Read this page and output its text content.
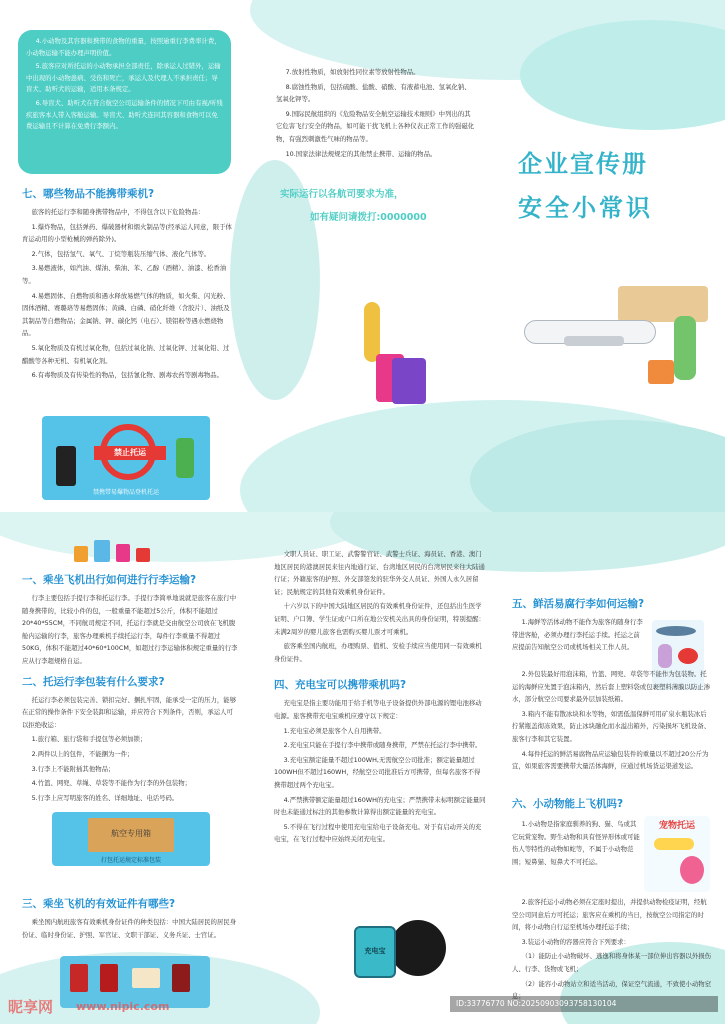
4.小动物及其容器和携带的食物的重量，按照逾重行李费率计费，小动物运输不能办理声明价值。

5.旅客应对所托运的小动物承担全部责任，除承运人过错外，运输中出现的小动物患病、受伤和死亡，承运人及代理人不承担责任；导盲犬、助听犬的运输，适用本条规定。

6.导盲犬、助听犬在符合航空公司运输条件的情况下可由有视/听残疾旅客本人带入客舱运输。导盲犬、助听犬连同其容器和食物可以免费运输且不计算在免费行李额内。

七、哪些物品不能携带乘机?

旅客的托运行李和随身携带物品中，不得包含以下危险物品：

1.爆炸物品，包括弹药、爆破器材和烟火制品等(经承运人同意，限于体育运动用的小型枪械的弹药除外)。

2.气体，包括氢气、氧气、丁烷等瓶装压缩气体、液化气体等。

3.易燃液体，如汽油、煤油、柴油、苯、乙醇（酒精）、油漆、松香油等。

4.易燃固体、自燃物质和遇水释放易燃气体的物质，如火柴、闪光粉、固体酒精、赛璐珞等易燃固体；黄磷、白磷、硝化纤维（含胶片）、油纸及其制品等自燃物品；金属钠、钾、碳化钙（电石）、镁铝粉等遇水燃烧物品。

5.氧化物质及有机过氧化物，包括过氧化钠、过氧化钾、过氧化铅、过醋酸等各种无机、有机氧化剂。

6.有毒物质及有传染性的物品，包括氰化物、剧毒农药等剧毒物品。

禁止托运
禁携带易爆物品登机托运

7.放射性物质，如放射性同位素等放射性物品。

8.腐蚀性物质，包括硫酸、盐酸、硝酸、有液蓄电池、氢氧化钠、氢氧化钾等。

9.国际民航组织的《危险物品安全航空运输技术细则》中列出的其它危害飞行安全的物品，如可能干扰飞机上各种仪表正常工作的强磁化物，有强烈刺激性气味的物品等。

10.国家法律法规规定的其他禁止携带、运输的物品。

实际运行以各航司要求为准，
如有疑问请拨打:0000000
企业宣传册
安全小常识
一、乘坐飞机出行如何进行行李运输?

行李主要包括手提行李和托运行李。手提行李简单地说就是旅客在旅行中随身携带的，比较小件的包，一般重量不能超过5公斤，体积不能超过20*40*55CM，不同航司规定不同，托运行李就是交由航空公司放在飞机腹舱内运输的行李，旅客办理乘机手续托运行李，每件行李重量不得超过50KG，体积不能超过40*60*100CM，如超过行李运输体积规定重量的行李应从行李超规格自运。

二、托运行李包装有什么要求?

托运行李必须包装完善、锁扣完好、捆扎牢固，能承受一定的压力，能够在正常的操作条件下安全装卸和运输，并应符合下列条件，否则，承运人可以拒绝收运：

1.旅行箱、旅行袋和手提包等必须加锁；

2.两件以上的包件，不能捆为一件；

3.行李上不能附插其他物品；

4.竹篮、网兜、草绳、草袋等不能作为行李的外包装物；

5.行李上应写明旅客的姓名、详细地址、电话号码。

航空专用箱
打包托运规定标准包装
三、乘坐飞机的有效证件有哪些?

乘坐国内航班旅客有效乘机身份证件的种类包括：中国大陆居民的居民身份证、临时身份证、护照、军官证、文职干部证、义务兵证、士官证。

文职人员证、职工证、武警警官证、武警士兵证、海员证、香港、澳门地区居民的港澳居民来往内地通行证、台湾地区居民的台湾居民来往大陆通行证；外籍旅客的护照、外交部签发的驻华外交人员证、外国人永久居留证；民航规定的其他有效乘机身份证件。

十六岁以下的中国大陆地区居民的有效乘机身份证件，还包括出生医学证明、户口簿、学生证或户口所在地公安机关出具的身份证明，特别提醒：未满2周岁的婴儿旅客也需购买婴儿票才可乘机。

旅客乘坐国内航班，办理购票、值机、安检手续应当使用同一有效乘机身份证件。

四、充电宝可以携带乘机吗?

充电宝是指主要功能用于给手机等电子设备提供外部电源的锂电池移动电源。旅客携带充电宝乘机应遵守以下规定：

1.充电宝必须是旅客个人自用携带。

2.充电宝只能在手提行李中携带或随身携带，严禁在托运行李中携带。

3.充电宝额定能量不超过100WH,无需航空公司批准；额定能量超过100WH但不超过160WH，经航空公司批准后方可携带，但每名旅客不得携带超过两个充电宝。

4.严禁携带额定能量超过160WH的充电宝；严禁携带未标明额定能量同时也未能通过标注的其他参数计算得出额定能量的充电宝。

5.不得在飞行过程中使用充电宝给电子设备充电。对于有启动开关的充电宝，在飞行过程中应始终关闭充电宝。

充电宝
五、鲜活易腐行李如何运输?

1.海鲜等活体动物不能作为旅客的随身行李带进客舱，必须办理行李托运手续。托运之前应提前告知航空公司或机场相关工作人员。

2.外包装最好用泡沫箱，竹篮、网兜、草袋等不能作为包装物。托运的海鲜应先置于泡沫箱内，然后套上塑料袋或包裹塑料薄膜以防止渗水，部分航空公司要求最外层加装纸箱。

3.箱内不能有散冰块和水等物，如需低温保鲜可用矿泉水瓶装冰后拧紧瓶盖彻冻效果，防止冰块融化而水溢出箱外，污染损坏飞机设备、旅客行李和其它装置。

4.每件托运的鲜活易腐物品应运输包装件的重量以不超过20公斤为宜，如果旅客需要携带大量活体海鲜，应通过机场货运渠道发运。

六、小动物能上飞机吗?

1.小动物是指家庭驯养的狗、猫、鸟或其它玩赏宠物。野生动物和具有怪异形体或可能伤人等特性的动物如蛇等，不属于小动物范围；短鼻猫、短鼻犬不可托运。

宠物托运

2.旅客托运小动物必须在定座时提出，并提供动物检疫证明，经航空公司同意后方可托运；旅客应在乘机的当日，按航空公司指定的时间，将小动物自行运至机场办理托运手续；

3.装运小动物的容器应符合下列要求：

（1）能防止小动物破坏、逃逸和将身体某一部位伸出容器以外损伤人、行李、货物或飞机；

（2）能容小动物站立和适当活动，保证空气流通，不致使小动物窒息；

昵享网 www.nipic.com	ID:33776770 NO:20250903093758130104
